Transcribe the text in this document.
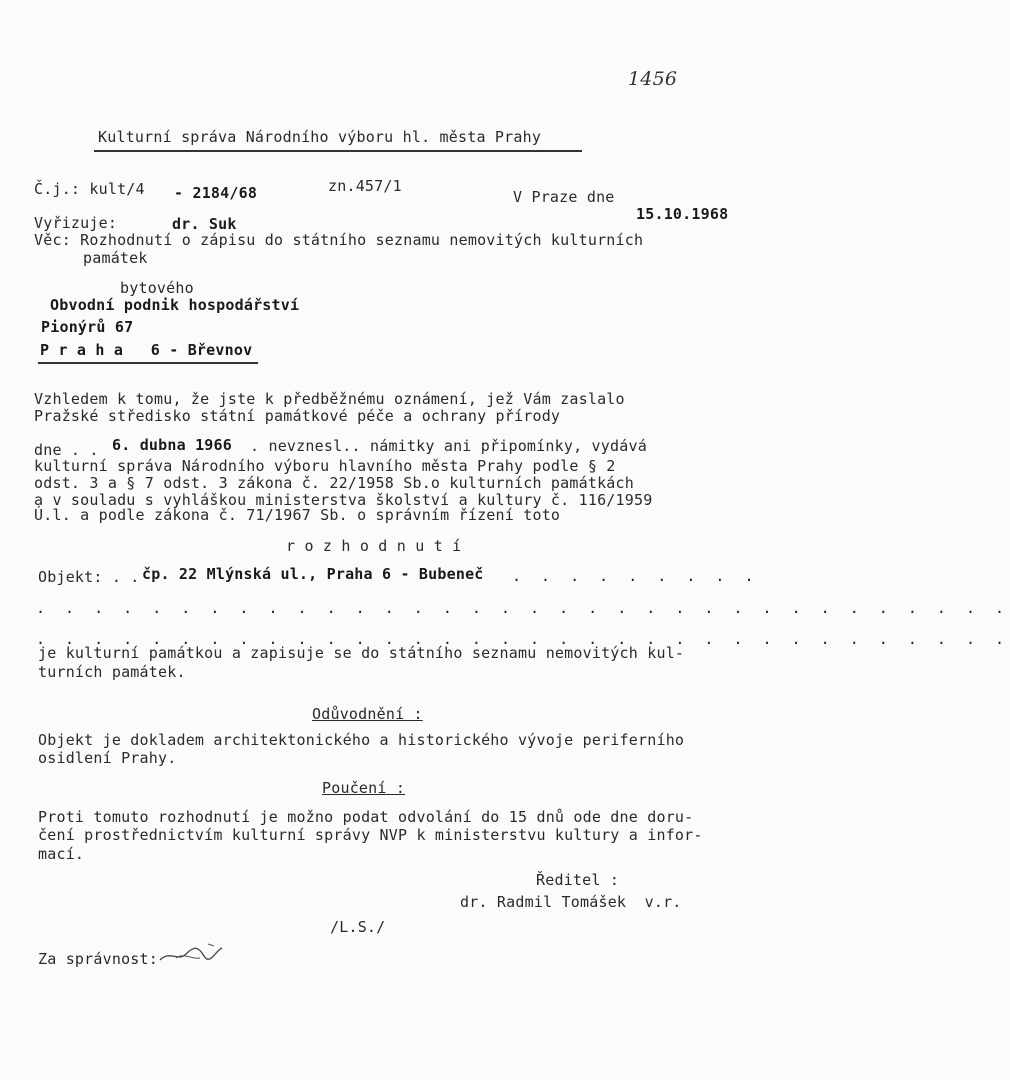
1456
Kulturní správa Národního výboru hl. města Prahy
Č.j.: kult/4 - 2184/68	zn.457/1
V Praze dne
15.10.1968
Vyřizuje:	dr. Suk
Věc: Rozhodnutí o zápisu do státního seznamu nemovitých kulturních
památek
bytového
Obvodní podnik hospodářství
Pionýrů 67
P r a h a   6 - Břevnov
Vzhledem k tomu, že jste k předběžnému oznámení, jež Vám zaslalo
Pražské středisko státní památkové péče a ochrany přírody
dne . . 6. dubna 1966 . nevznesl.. námitky ani připomínky, vydává
kulturní správa Národního výboru hlavního města Prahy podle § 2
odst. 3 a § 7 odst. 3 zákona č. 22/1958 Sb.o kulturních památkách
a v souladu s vyhláškou ministerstva školství a kultury č. 116/1959
Ú.l. a podle zákona č. 71/1967 Sb. o správním řízení toto
r o z h o d n u t í
Objekt: . . čp. 22 Mlýnská ul., Praha 6 - Bubeneč . . . . . . . . .
. . . . . . . . . . . . . . . . . . . . . . . . . . . . . . . . . .
. . . . . . . . . . . . . . . . . . . . . . . . . . . . . . . . . .
je kulturní památkou a zapisuje se do státního seznamu nemovitých kul-
turních památek.
Odůvodnění :
Objekt je dokladem architektonického a historického vývoje periferního
osidlení Prahy.
Poučení :
Proti tomuto rozhodnutí je možno podat odvolání do 15 dnů ode dne doru-
čení prostřednictvím kulturní správy NVP k ministerstvu kultury a infor-
mací.
Ředitel :
dr. Radmil Tomášek  v.r.
/L.S./
Za správnost:
